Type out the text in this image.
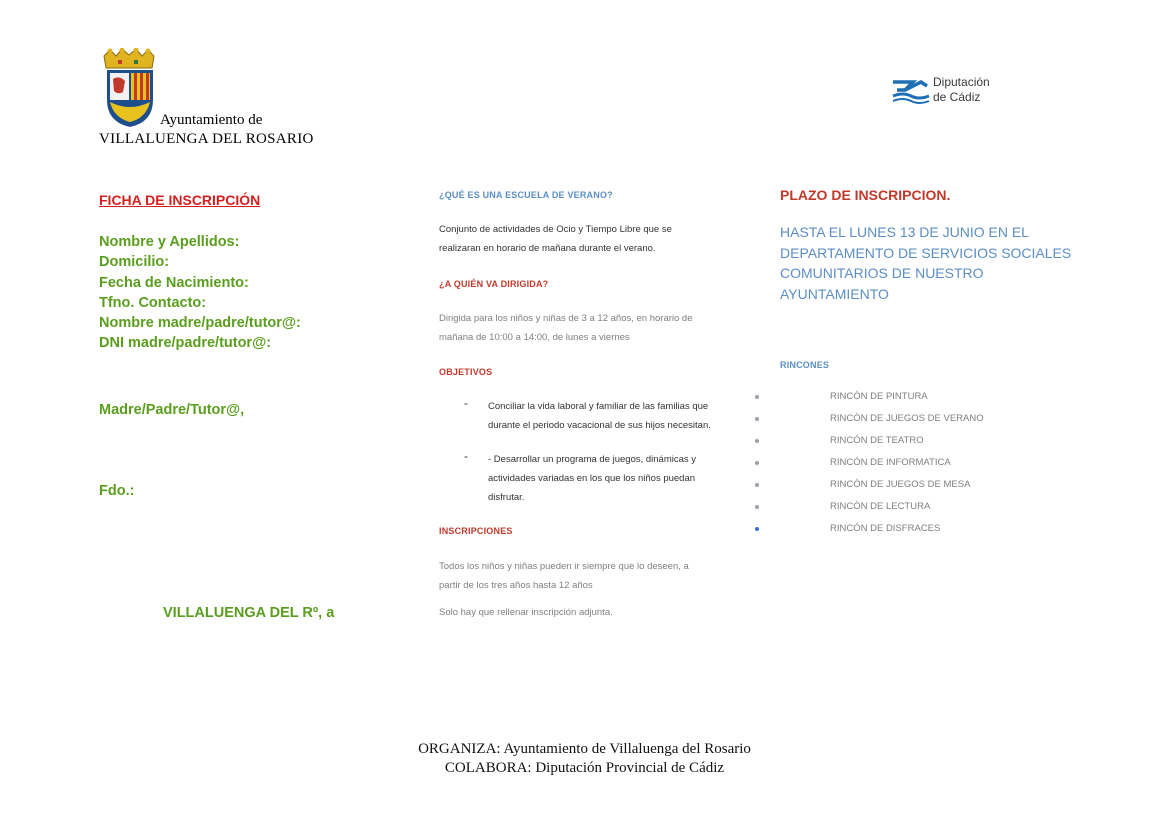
Ayuntamiento de
VILLALUENGA DEL ROSARIO
Diputación
de Cádiz
FICHA DE INSCRIPCIÓN
Nombre y Apellidos:
Domicilio:
Fecha de Nacimiento:
Tfno. Contacto:
Nombre madre/padre/tutor@:
DNI madre/padre/tutor@:
Madre/Padre/Tutor@,
Fdo.:
VILLALUENGA DEL Rº, a
¿QUÉ ES UNA ESCUELA DE VERANO?
Conjunto de actividades de Ocio y Tiempo Libre que se
realizaran en horario de mañana durante el verano.
¿A QUIÉN VA DIRIGIDA?
Dirigida para los niños y niñas de 3 a 12 años, en horario de
mañana de 10:00 a 14:00, de lunes a viernes
OBJETIVOS
- Conciliar la vida laboral y familiar de las familias que
durante el periodo vacacional de sus hijos necesitan.
- - Desarrollar un programa de juegos, dinámicas y
actividades variadas en los que los niños puedan
disfrutar.
INSCRIPCIONES
Todos los niños y niñas pueden ir siempre que lo deseen, a
partir de los tres años hasta 12 años
Solo hay que rellenar inscripción adjunta.
PLAZO DE INSCRIPCION.
HASTA EL LUNES 13 DE JUNIO EN EL
DEPARTAMENTO DE SERVICIOS SOCIALES
COMUNITARIOS DE NUESTRO
AYUNTAMIENTO
RINCONES
RINCÓN DE PINTURA
RINCÓN DE JUEGOS DE VERANO
RINCÓN DE TEATRO
RINCÓN DE INFORMATICA
RINCÓN DE JUEGOS DE MESA
RINCÓN DE LECTURA
RINCÓN DE DISFRACES
ORGANIZA: Ayuntamiento de Villaluenga del Rosario
COLABORA: Diputación Provincial de Cádiz
